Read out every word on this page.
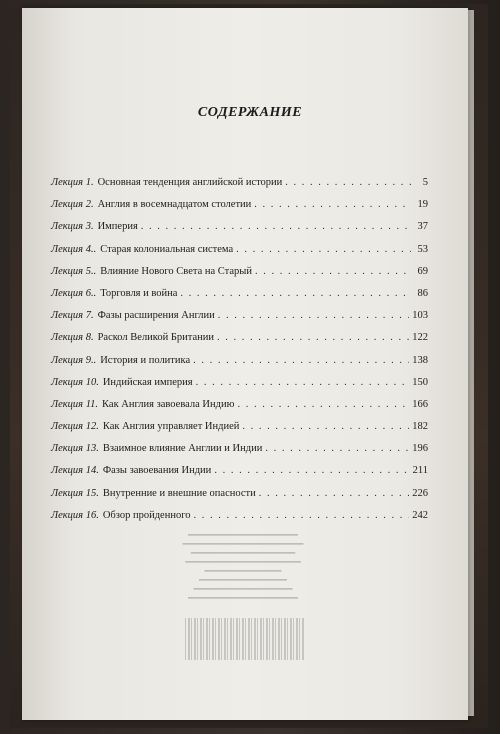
СОДЕРЖАНИЕ
Лекция 1. Основная тенденция английской истории . . .	5
Лекция 2. Англия в восемнадцатом столетии . . .	19
Лекция 3. Империя . . .	37
Лекция 4.. Старая колониальная система . . .	53
Лекция 5.. Влияние Нового Света на Старый . . .	69
Лекция 6.. Торговля и война . . .	86
Лекция 7. Фазы расширения Англии . . .	103
Лекция 8. Раскол Великой Британии . . .	122
Лекция 9.. История и политика . . .	138
Лекция 10. Индийская империя . . .	150
Лекция 11. Как Англия завоевала Индию . . .	166
Лекция 12. Как Англия управляет Индией . . .	182
Лекция 13. Взаимное влияние Англии и Индии . . .	196
Лекция 14. Фазы завоевания Индии . . .	211
Лекция 15. Внутренние и внешние опасности . . .	226
Лекция 16. Обзор пройденного . . .	242
▬▬▬▬▬▬▬▬▬▬▬▬▬▬▬▬▬▬▬▬
▬▬▬▬▬▬▬▬▬▬▬▬▬▬▬▬▬▬
▬▬▬▬▬▬▬▬▬▬▬▬▬▬▬▬
▬▬▬▬▬▬▬▬▬▬▬▬▬▬
▬▬▬▬▬▬▬▬▬▬▬▬▬▬▬▬▬▬▬▬▬
▬▬▬▬▬▬▬▬▬▬▬▬▬▬▬▬▬▬▬
▬▬▬▬▬▬▬▬▬▬▬▬▬▬▬▬▬▬▬▬▬▬
▬▬▬▬▬▬▬▬▬▬▬▬▬▬▬▬▬▬▬▬
